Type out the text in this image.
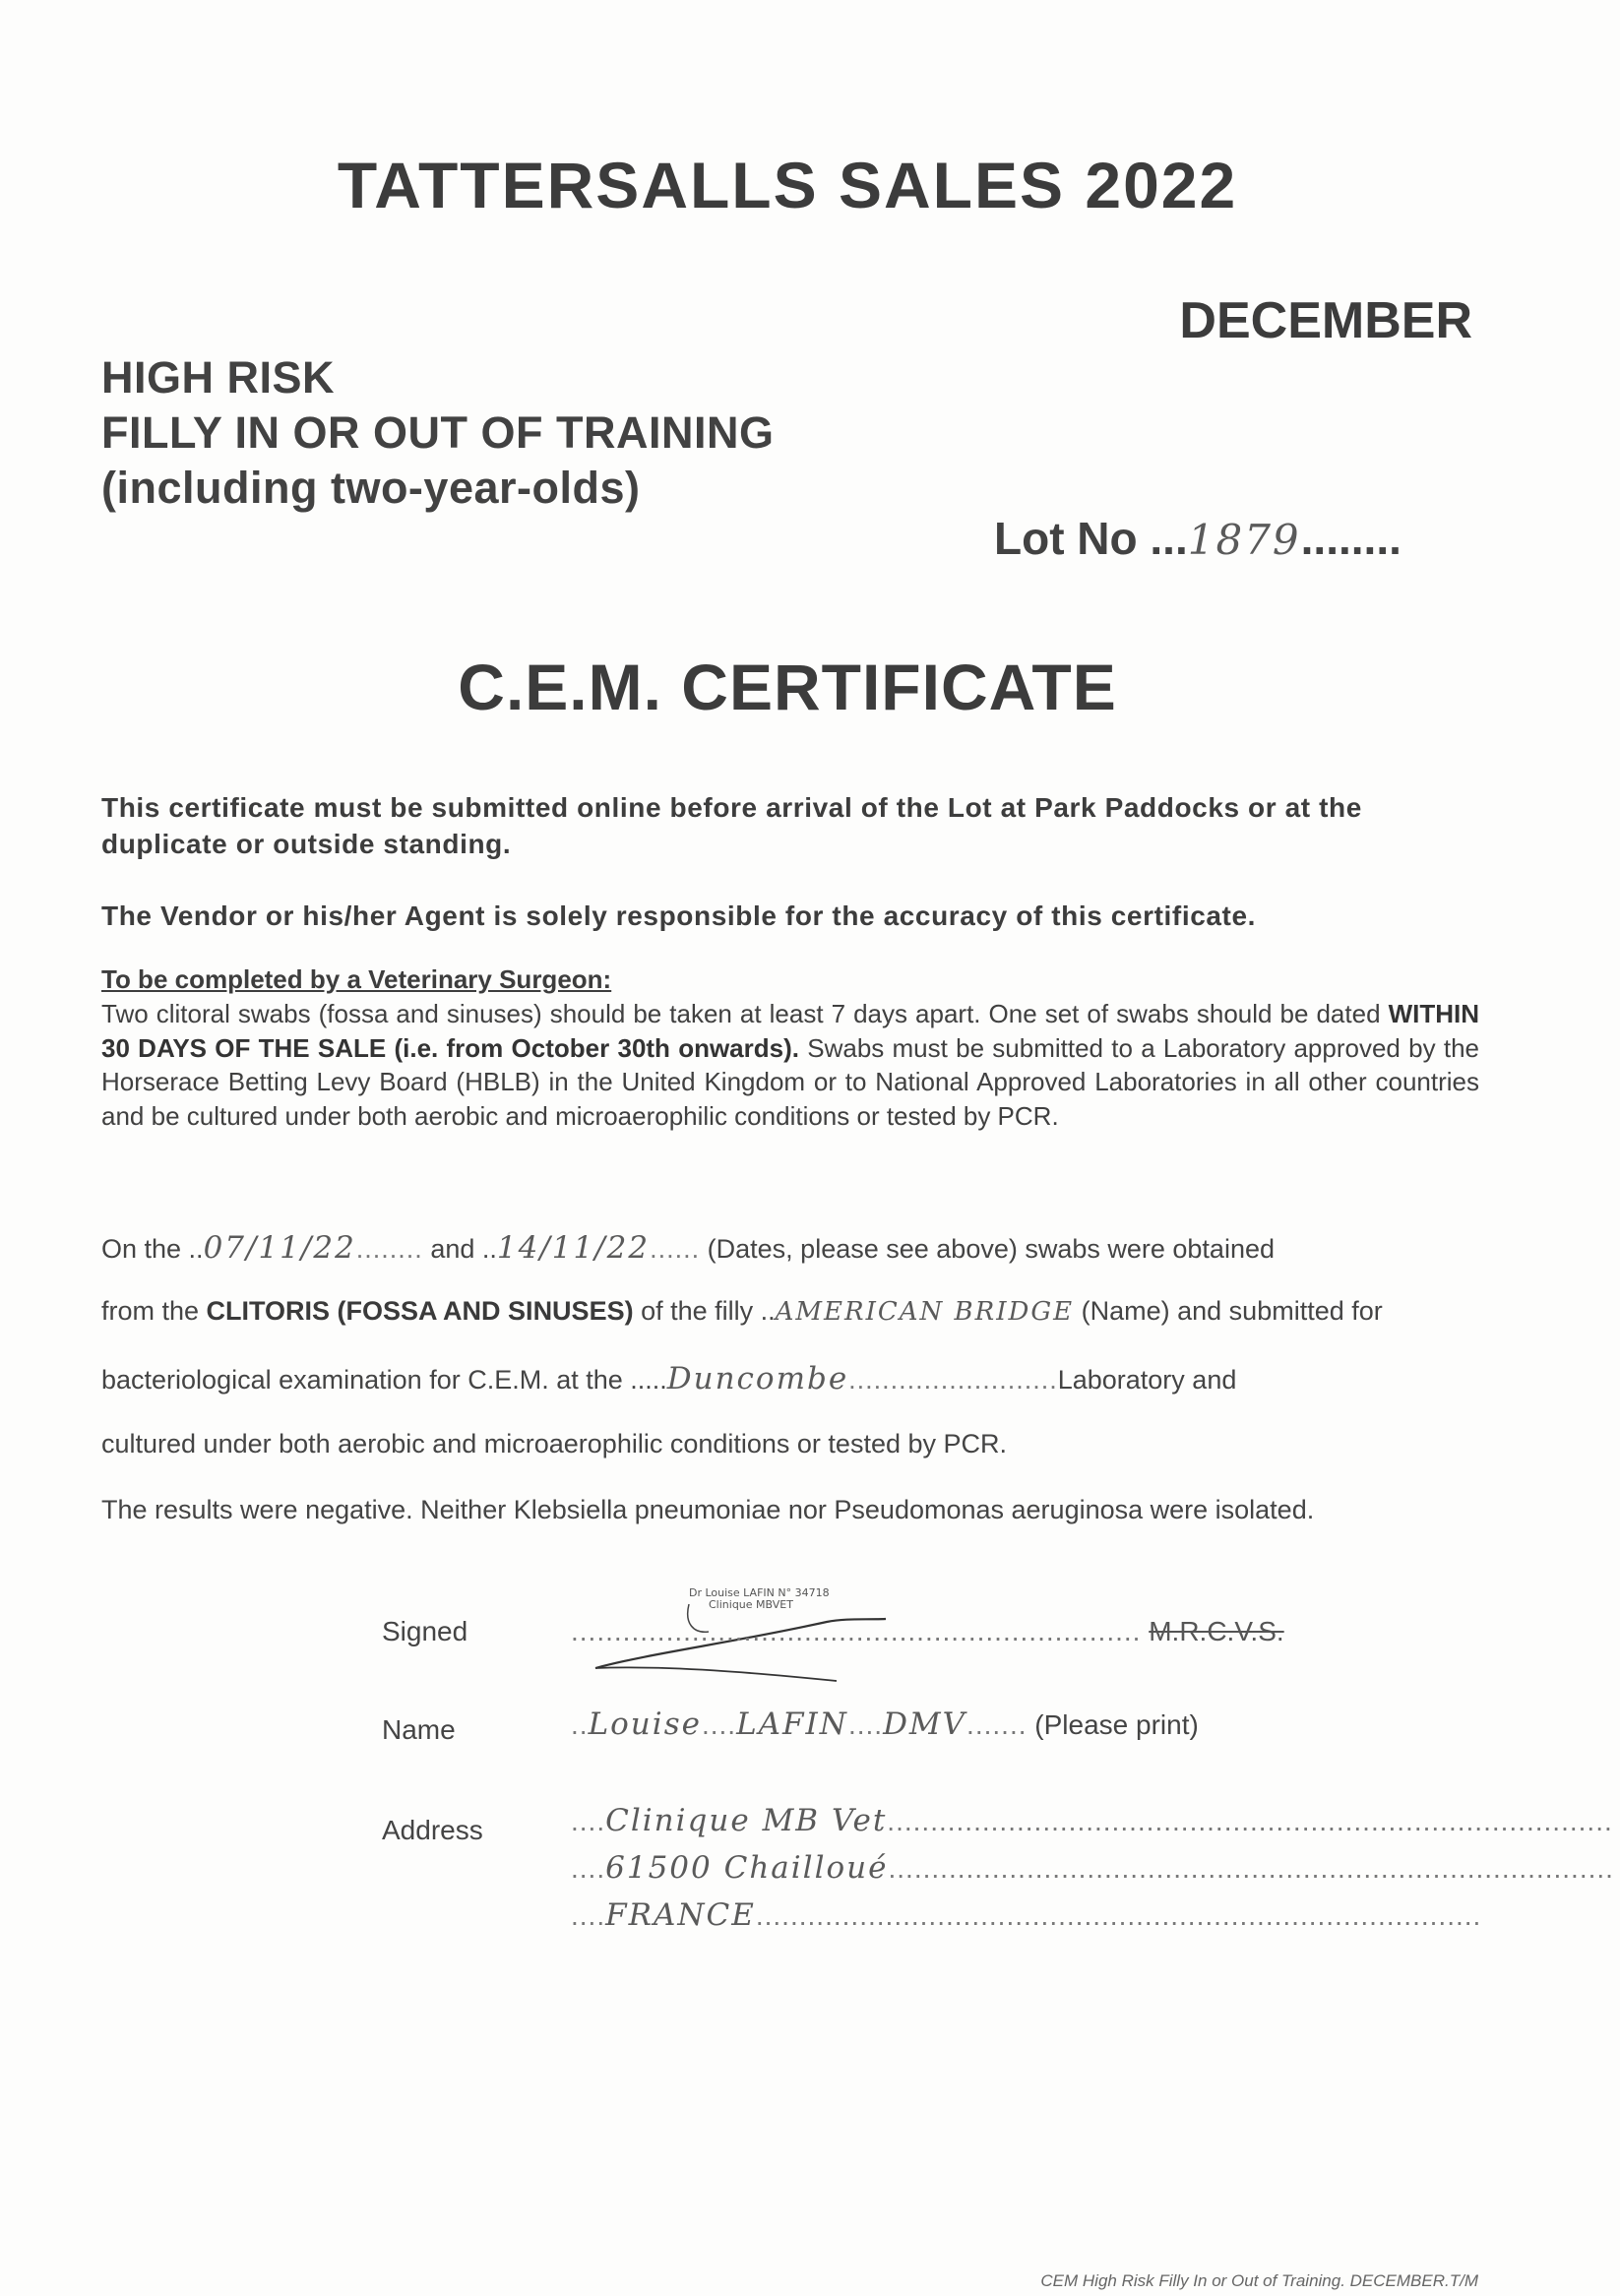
TATTERSALLS SALES 2022
DECEMBER
HIGH RISK
FILLY IN OR OUT OF TRAINING
(including two-year-olds)
Lot No ...1879........
C.E.M. CERTIFICATE
This certificate must be submitted online before arrival of the Lot at Park Paddocks or at the duplicate or outside standing.
The Vendor or his/her Agent is solely responsible for the accuracy of this certificate.
To be completed by a Veterinary Surgeon:
Two clitoral swabs (fossa and sinuses) should be taken at least 7 days apart. One set of swabs should be dated WITHIN 30 DAYS OF THE SALE (i.e. from October 30th onwards). Swabs must be submitted to a Laboratory approved by the Horserace Betting Levy Board (HBLB) in the United Kingdom or to National Approved Laboratories in all other countries and be cultured under both aerobic and microaerophilic conditions or tested by PCR.
On the ..07/11/22........ and ..14/11/22...... (Dates, please see above) swabs were obtained
from the CLITORIS (FOSSA AND SINUSES) of the filly ..AMERICAN BRIDGE (Name) and submitted for
bacteriological examination for C.E.M. at the .....Duncombe.........................Laboratory and
cultured under both aerobic and microaerophilic conditions or tested by PCR.
The results were negative. Neither Klebsiella pneumoniae nor Pseudomonas aeruginosa were isolated.
Dr Louise LAFIN N° 34718
Clinique MBVET
Signed	.................................................................. M.R.C.V.S.
Name	..Louise....LAFIN....DMV....... (Please print)
Address	....Clinique MB Vet....................................................................................
....61500 Chailloué....................................................................................
....FRANCE....................................................................................
CEM High Risk Filly In or Out of Training. DECEMBER.T/M
